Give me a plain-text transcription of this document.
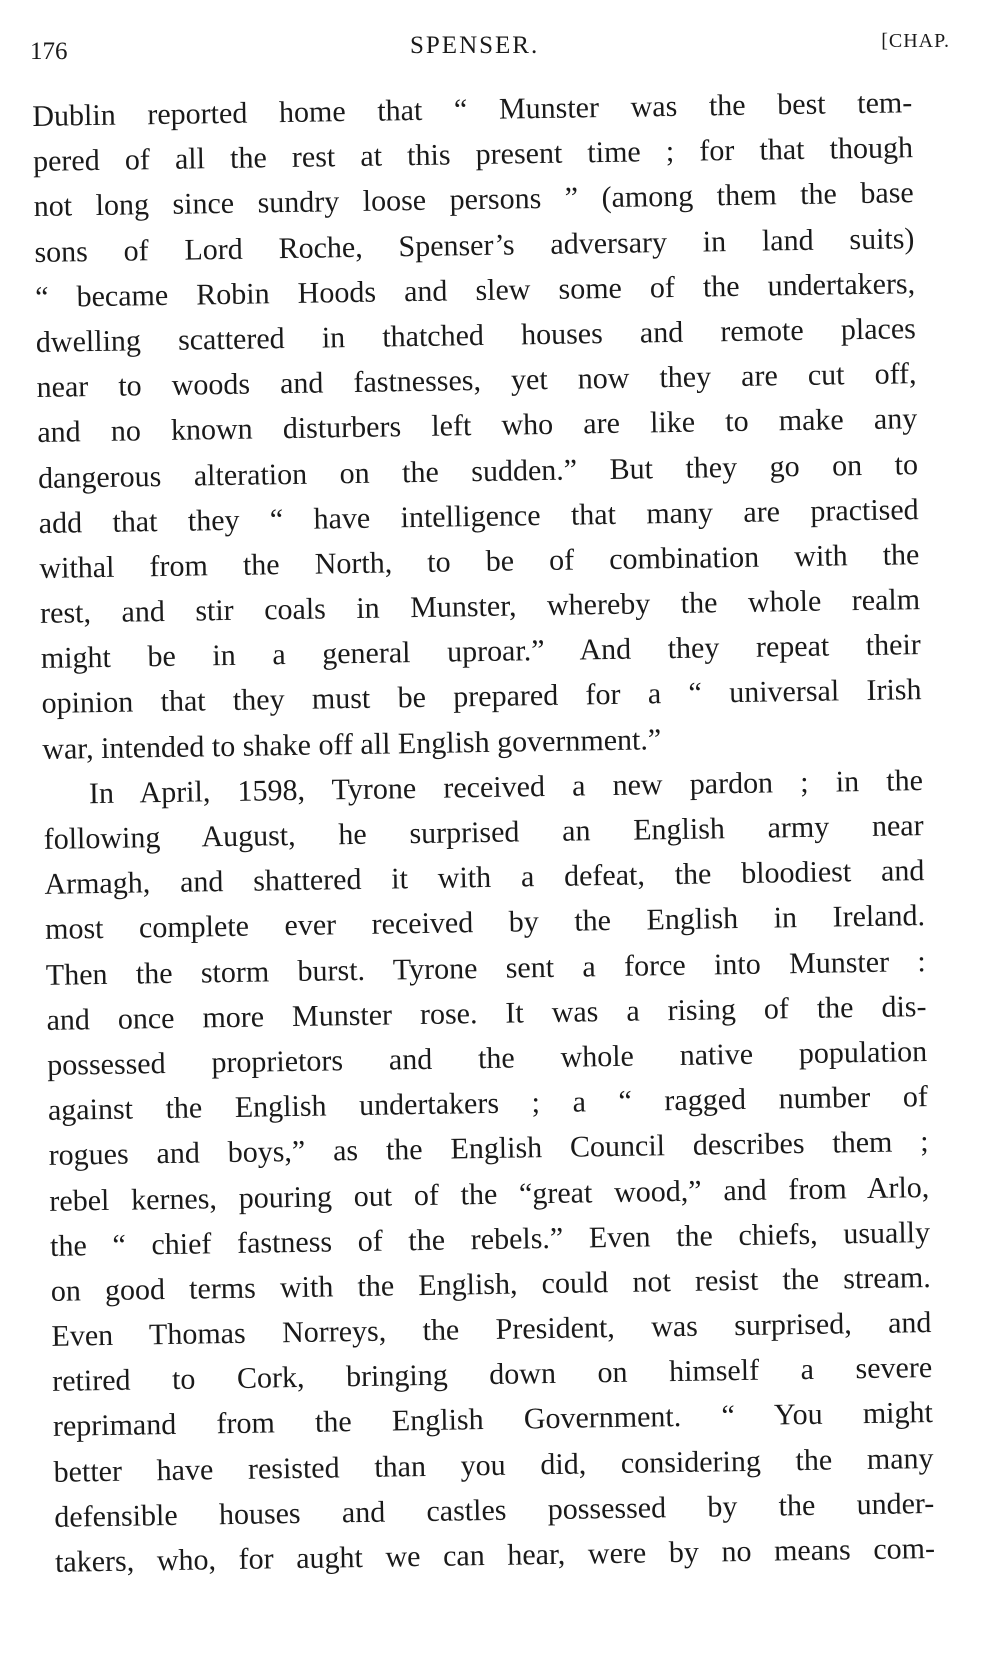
176	SPENSER.	[CHAP.
Dublin reported home that “ Munster was the best tem-
pered of all the rest at this present time ; for that though
not long since sundry loose persons ” (among them the base
sons of Lord Roche, Spenser’s adversary in land suits)
“ became Robin Hoods and slew some of the undertakers,
dwelling scattered in thatched houses and remote places
near to woods and fastnesses, yet now they are cut off,
and no known disturbers left who are like to make any
dangerous alteration on the sudden.” But they go on to
add that they “ have intelligence that many are practised
withal from the North, to be of combination with the
rest, and stir coals in Munster, whereby the whole realm
might be in a general uproar.” And they repeat their
opinion that they must be prepared for a “ universal Irish
war, intended to shake off all English government.”
In April, 1598, Tyrone received a new pardon ; in the
following August, he surprised an English army near
Armagh, and shattered it with a defeat, the bloodiest and
most complete ever received by the English in Ireland.
Then the storm burst. Tyrone sent a force into Munster :
and once more Munster rose. It was a rising of the dis-
possessed proprietors and the whole native population
against the English undertakers ; a “ ragged number of
rogues and boys,” as the English Council describes them ;
rebel kernes, pouring out of the “great wood,” and from Arlo,
the “ chief fastness of the rebels.” Even the chiefs, usually
on good terms with the English, could not resist the stream.
Even Thomas Norreys, the President, was surprised, and
retired to Cork, bringing down on himself a severe
reprimand from the English Government. “ You might
better have resisted than you did, considering the many
defensible houses and castles possessed by the under-
takers, who, for aught we can hear, were by no means com-
